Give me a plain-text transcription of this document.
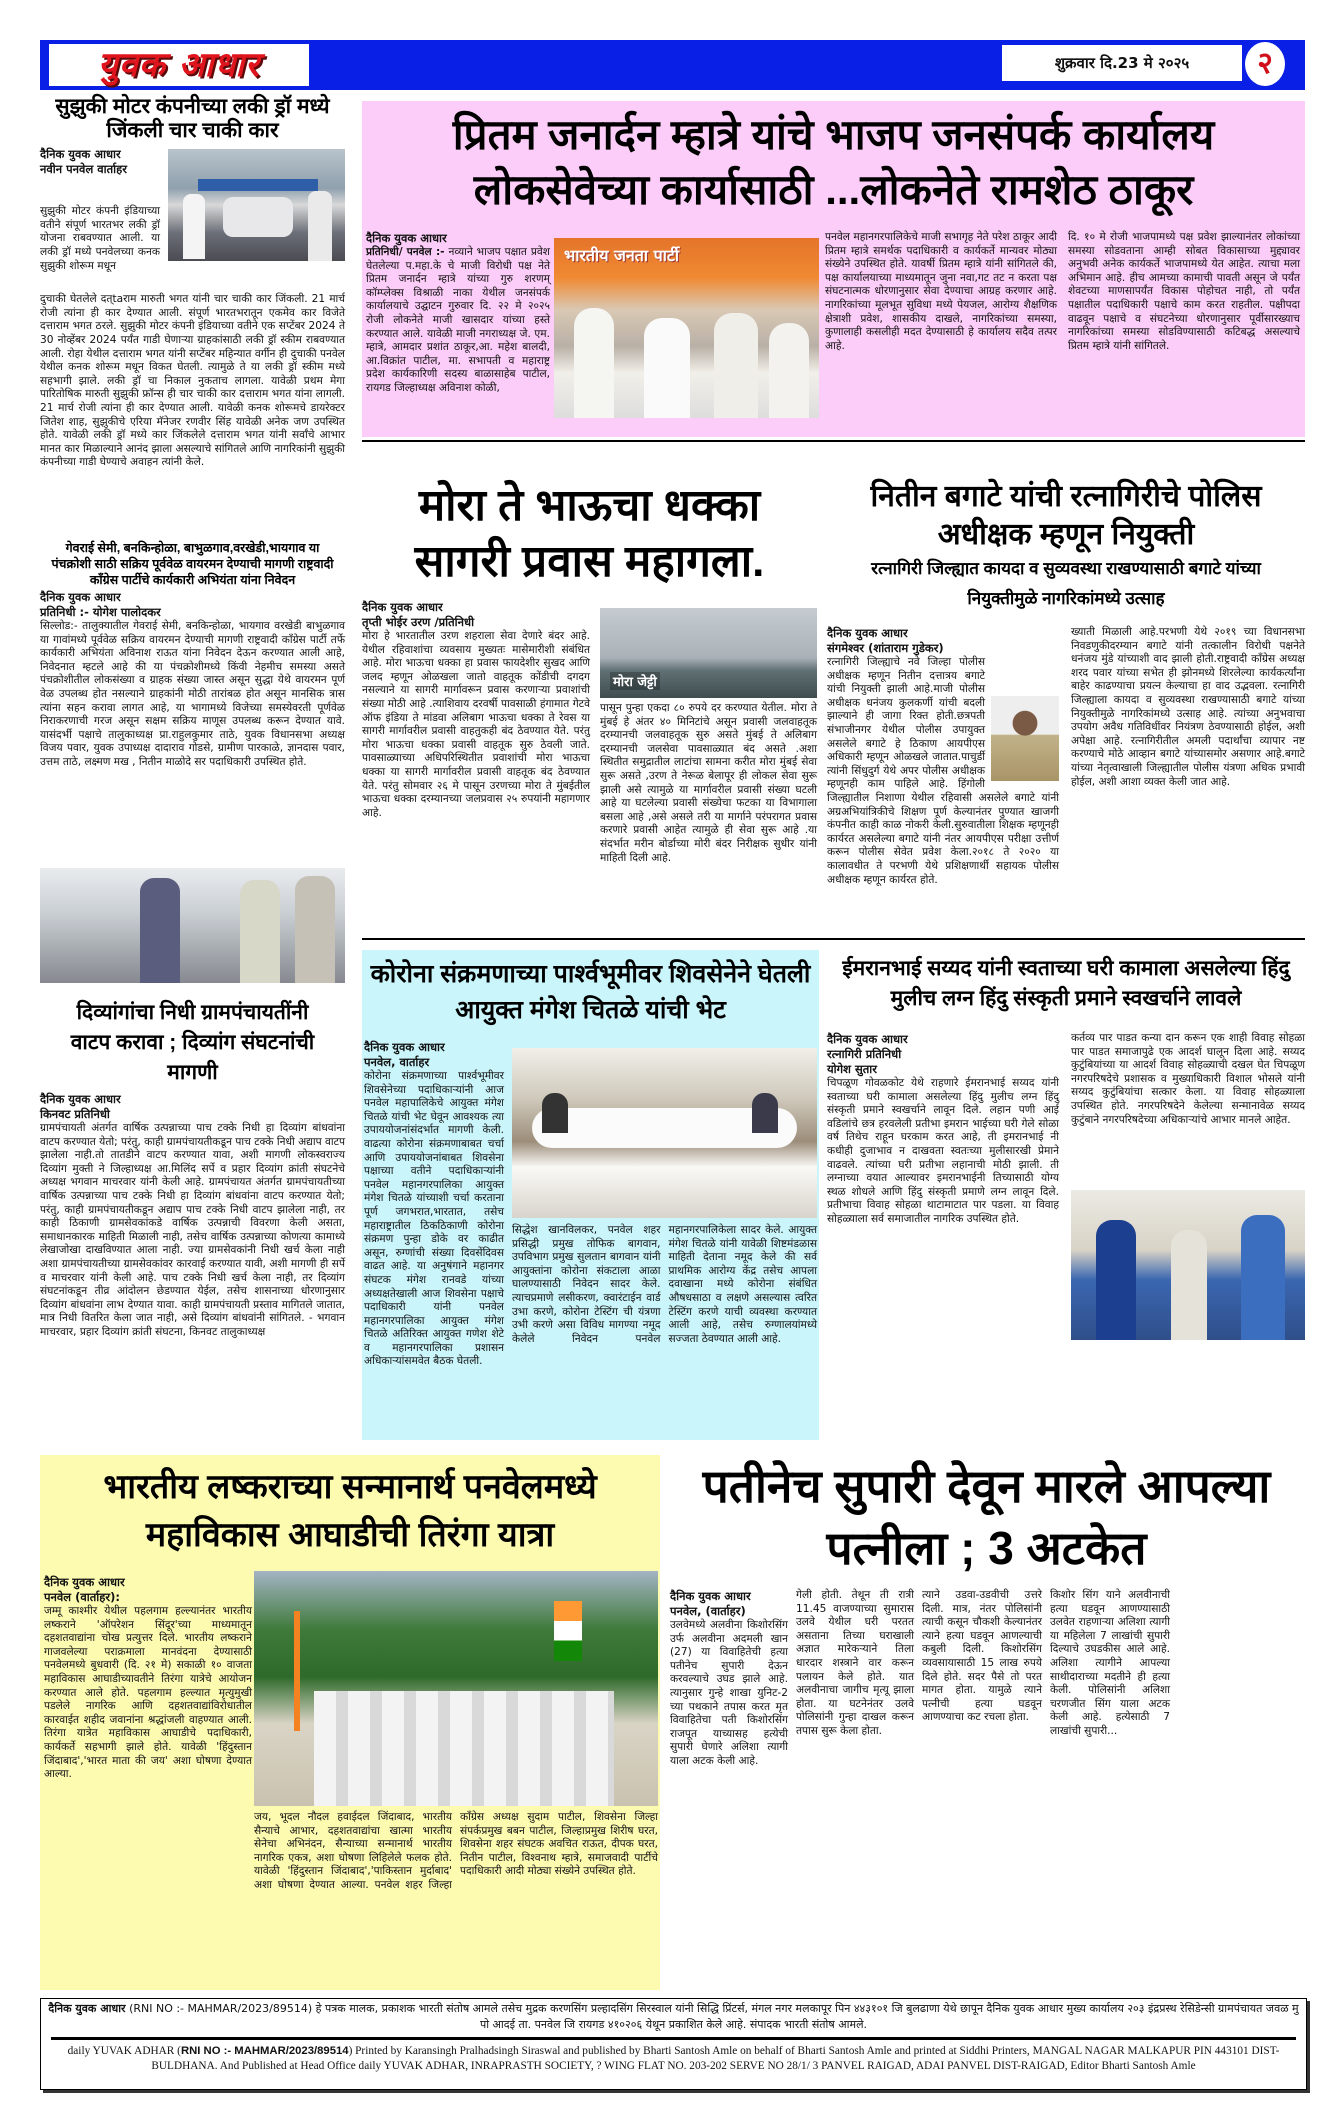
युवक आधार	शुक्रवार दि.23 मे २०२५	२
सुझुकी मोटर कंपनीच्या लकी ड्रॉ मध्ये जिंकली चार चाकी कार
दैनिक युवक आधार
नवीन पनवेल वार्ताहर
सुझुकी मोटर कंपनी इंडियाच्या वतीने संपूर्ण भारतभर लकी ड्रॉ योजना राबवण्यात आली. या लकी ड्रॉ मध्ये पनवेलच्या कनक सुझुकी शोरूम मधून
दुचाकी घेतलेले दत्taराम मारुती भगत यांनी चार चाकी कार जिंकली. 21 मार्च रोजी त्यांना ही कार देण्यात आली. संपूर्ण भारतभरातून एकमेव कार विजेते दत्ताराम भगत ठरले. सुझुकी मोटर कंपनी इंडियाच्या वतीने एक सप्टेंबर 2024 ते 30 नोव्हेंबर 2024 पर्यंत गाडी घेणाऱ्या ग्राहकांसाठी लकी ड्रॉ स्कीम राबवण्यात आली. रोहा येथील दत्ताराम भगत यांनी सप्टेंबर महिन्यात वर्गीन ही दुचाकी पनवेल येथील कनक शोरूम मधून विकत घेतली. त्यामुळे ते या लकी ड्रॉ स्कीम मध्ये सहभागी झाले. लकी ड्रॉ चा निकाल नुकताच लागला. यावेळी प्रथम मेगा पारितोषिक मारुती सुझुकी फ्रॉन्स ही चार चाकी कार दत्ताराम भगत यांना लागली. 21 मार्च रोजी त्यांना ही कार देण्यात आली. यावेळी कनक शोरूमचे डायरेक्टर जितेश शाह, सुझुकीचे एरिया मॅनेजर रणवीर सिंह यावेळी अनेक जण उपस्थित होते. यावेळी लकी ड्रॉ मध्ये कार जिंकलेले दत्ताराम भगत यांनी सर्वांचे आभार मानत कार मिळाल्याने आनंद झाला असल्याचे सांगितले आणि नागरिकांनी सुझुकी कंपनीच्या गाडी घेण्याचे अवाहन त्यांनी केले.
प्रितम जनार्दन म्हात्रे यांचे भाजप जनसंपर्क कार्यालय लोकसेवेच्या कार्यासाठी ...लोकनेते रामशेठ ठाकूर
दैनिक युवक आधार
प्रतिनिधी/ पनवेल :- नव्याने भाजप पक्षात प्रवेश घेतलेल्या प.महा.के चे माजी विरोधी पक्ष नेते प्रितम जनार्दन म्हात्रे यांच्या गुरु शरणम् कॉम्प्लेक्स विश्राळी नाका येथील जनसंपर्क कार्यालयाचे उद्घाटन गुरुवार दि. २२ मे २०२५ रोजी लोकनेते माजी खासदार यांच्या हस्ते करण्यात आले. यावेळी माजी नगराध्यक्ष जे. एम. म्हात्रे, आमदार प्रशांत ठाकूर,आ. महेश बालदी, आ.विक्रांत पाटील, मा. सभापती व महाराष्ट्र प्रदेश कार्यकारिणी सदस्य बाळासाहेब पाटील, रायगड जिल्हाध्यक्ष अविनाश कोळी,
भारतीय जनता पार्टी
पनवेल महानगरपालिकेचे माजी सभागृह नेते परेश ठाकूर आदी प्रितम म्हात्रे समर्थक पदाधिकारी व कार्यकर्ते मान्यवर मोठ्या संख्येने उपस्थित होते. यावर्षी प्रितम म्हात्रे यांनी सांगितले की, पक्ष कार्यालयाच्या माध्यमातून जुना नवा,गट तट न करता पक्ष संघटनात्मक धोरणानुसार सेवा देण्याचा आग्रह करणार आहे. नागरिकांच्या मूलभूत सुविधा मध्ये पेयजल, आरोग्य शैक्षणिक क्षेत्राशी प्रवेश, शासकीय दाखले, नागरिकांच्या समस्या, कुणालाही कसलीही मदत देण्यासाठी हे कार्यालय सदैव तत्पर आहे.
दि. १० मे रोजी भाजपामध्ये पक्ष प्रवेश झाल्यानंतर लोकांच्या समस्या सोडवताना आम्ही सोबत विकासाच्या मुद्द्यावर अनुभवी अनेक कार्यकर्ते भाजपामध्ये येत आहेत. त्याचा मला अभिमान आहे. हीच आमच्या कामाची पावती असून जे पर्यंत शेवटच्या माणसापर्यंत विकास पोहोचत नाही, तो पर्यंत पक्षातील पदाधिकारी पक्षाचे काम करत राहतील. पक्षीपदा वाढवून पक्षाचे व संघटनेच्या धोरणानुसार पूर्वीसारख्याच नागरिकांच्या समस्या सोडविण्यासाठी कटिबद्ध असल्याचे प्रितम म्हात्रे यांनी सांगितले.
गेवराई सेमी, बनकिन्होळा, बाभुळगाव,वरखेडी,भायगाव या पंचक्रोशी साठी सक्रिय पूर्ववेळ वायरमन देण्याची मागणी राष्ट्रवादी कॉंग्रेस पार्टीचे कार्यकारी अभियंता यांना निवेदन
दैनिक युवक आधार
प्रतिनिधी :- योगेश पालोदकर
सिल्लोड:- तालुक्यातील गेवराई सेमी, बनकिन्होळा, भायगाव वरखेडी बाभुळगाव या गावांमध्ये पूर्ववेळ सक्रिय वायरमन देण्याची मागणी राष्ट्रवादी कॉंग्रेस पार्टी तर्फे कार्यकारी अभियंता अविनाश राऊत यांना निवेदन देऊन करण्यात आली आहे, निवेदनात म्हटले आहे की या पंचक्रोशीमध्ये किंवी नेहमीच समस्या असते पंचक्रोशीतील लोकसंख्या व ग्राहक संख्या जास्त असून सुद्धा येथे वायरमन पूर्ण वेळ उपलब्ध होत नसल्याने ग्राहकांनी मोठी तारांबळ होत असून मानसिक त्रास त्यांना सहन करावा लागत आहे, या भागामध्ये विजेच्या समस्येवरती पूर्णवेळ निराकरणाची गरज असून सक्षम सक्रिय माणूस उपलब्ध करून देण्यात यावे. यासंदर्भी पक्षाचे तालुकाध्यक्ष प्रा.राहुलकुमार ताठे, युवक विधानसभा अध्यक्ष विजय पवार, युवक उपाध्यक्ष दादाराव गोडसे, ग्रामीण पारकाळे, ज्ञानदास पवार, उत्तम ताठे, लक्ष्मण मख , नितीन माळोदे सर पदाधिकारी उपस्थित होते.
दिव्यांगांचा निधी ग्रामपंचायतींनी वाटप करावा ; दिव्यांग संघटनांची मागणी
दैनिक युवक आधार
किनवट प्रतिनिधी
ग्रामपंचायती अंतर्गत वार्षिक उत्पन्नाच्या पाच टक्के निधी हा दिव्यांग बांधवांना वाटप करण्यात येतो; परंतु, काही ग्रामपंचायतीकडून पाच टक्के निधी अद्याप वाटप झालेला नाही.तो तातडीने वाटप करण्यात यावा, अशी मागणी लोकस्वराज्य दिव्यांग मुक्ती ने जिल्हाध्यक्ष आ.मिलिंद सर्पे व प्रहार दिव्यांग क्रांती संघटनेचे अध्यक्ष भगवान माचरवार यांनी केली आहे. ग्रामपंचायत अंतर्गत ग्रामपंचायतीच्या वार्षिक उत्पन्नाच्या पाच टक्के निधी हा दिव्यांग बांधवांना वाटप करण्यात येतो; परंतु, काही ग्रामपंचायतीकडून अद्याप पाच टक्के निधी वाटप झालेला नाही, तर काही ठिकाणी ग्रामसेवकांकडे वार्षिक उत्पन्नाची विवरणा केली असता, समाधानकारक माहिती मिळाली नाही, तसेच वार्षिक उत्पन्नाच्या कोणत्या कामाध्ये लेखाजोखा दाखविण्यात आला नाही. ज्या ग्रामसेवकांनी निधी खर्च केला नाही अशा ग्रामपंचायतीच्या ग्रामसेवकांवर कारवाई करण्यात यावी, अशी मागणी ही सर्पे व माचरवार यांनी केली आहे. पाच टक्के निधी खर्च केला नाही, तर दिव्यांग संघटनांकडून तीव्र आंदोलन छेडण्यात येईल, तसेच शासनाच्या धोरणानुसार दिव्यांग बांधवांना लाभ देण्यात यावा. काही ग्रामपंचायती प्रस्ताव मागितले जातात, मात्र निधी वितरित केला जात नाही, असे दिव्यांग बांधवांनी सांगितले. - भगवान माचरवार, प्रहार दिव्यांग क्रांती संघटना, किनवट तालुकाध्यक्ष
मोरा ते भाऊचा धक्का सागरी प्रवास महागला.
दैनिक युवक आधार
तृप्ती भोईर उरण /प्रतिनिधी
मोरा हे भारतातील उरण शहराला सेवा देणारे बंदर आहे. येथील रहिवाशांचा व्यवसाय मुख्यतः मासेमारीशी संबंधित आहे. मोरा भाऊचा धक्का हा प्रवास फायदेशीर सुखद आणि जलद म्हणून ओळखला जातो वाहतूक कोंडीची दगदग नसल्याने या सागरी मार्गावरून प्रवास करणाऱ्या प्रवाशांची संख्या मोठी आहे .त्याशिवाय दरवर्षी पावसाळी हंगामात गेटवे ऑफ इंडिया ते मांडवा अलिबाग भाऊचा धक्का ते रेवस या सागरी मार्गावरील प्रवासी वाहतुकही बंद ठेवण्यात येते. परंतु मोरा भाऊचा धक्का प्रवासी वाहतूक सुरु ठेवली जाते. पावसाळ्याच्या अधिपरिस्थितीत प्रवाशांची मोरा भाऊचा धक्का या सागरी मार्गावरील प्रवासी वाहतूक बंद ठेवण्यात येते. परंतु सोमवार २६ मे पासून उरणच्या मोरा ते मुंबईतील भाऊचा धक्का दरम्यानच्या जलप्रवास २५ रुपयांनी महागणार आहे.
मोरा जेट्टी
पासून पुन्हा एकदा ८० रुपये दर करण्यात येतील. मोरा ते मुंबई हे अंतर ४० मिनिटांचे असून प्रवासी जलवाहतूक दरम्यानची जलवाहतूक सुरु असते मुंबई ते अलिबाग दरम्यानची जलसेवा पावसाळ्यात बंद असते .अशा स्थितीत समुद्रातील लाटांचा सामना करीत मोरा मुंबई सेवा सुरू असते ,उरण ते नेरूळ बेलापूर ही लोकल सेवा सुरू झाली असे त्यामुळे या मार्गावरील प्रवासी संख्या घटली आहे या घटलेल्या प्रवासी संख्येचा फटका या विभागाला बसला आहे ,असे असले तरी या मार्गाने परंपरागत प्रवास करणारे प्रवासी आहेत त्यामुळे ही सेवा सुरू आहे .या संदर्भात मरीन बोर्डाच्या मोरी बंदर निरीक्षक सुधीर यांनी माहिती दिली आहे.
नितीन बगाटे यांची रत्नागिरीचे पोलिस अधीक्षक म्हणून नियुक्ती
रत्नागिरी जिल्ह्यात कायदा व सुव्यवस्था राखण्यासाठी बगाटे यांच्या नियुक्तीमुळे नागरिकांमध्ये उत्साह
दैनिक युवक आधार
संगमेश्वर (शांताराम गुडेकर)
रत्नागिरी जिल्ह्याचे नवे जिल्हा पोलीस अधीक्षक म्हणून नितीन दत्तात्रय बगाटे यांची नियुक्ती झाली आहे.माजी पोलीस अधीक्षक धनंजय कुलकर्णी यांची बदली झाल्याने ही जागा रिक्त होती.छत्रपती संभाजीनगर येथील पोलीस उपायुक्त असलेले बगाटे हे ठिकाण आयपीएस अधिकारी म्हणून ओळखले जातात.पाचुर्डी त्यांनी सिंधुदुर्ग येथे अपर पोलीस अधीक्षक म्हणूनही काम पाहिले आहे. हिंगोली जिल्ह्यातील निशाणा येथील रहिवासी असलेले बगाटे यांनी अग्रअभियांत्रिकीचे शिक्षण पूर्ण केल्यानंतर पुण्यात खाजगी कंपनीत काही काळ नोकरी केली.सुरुवातीला शिक्षक म्हणूनही कार्यरत असलेल्या बगाटे यांनी नंतर आयपीएस परीक्षा उत्तीर्ण करून पोलीस सेवेत प्रवेश केला.२०१८ ते २०२० या कालावधीत ते परभणी येथे प्रशिक्षणार्थी सहायक पोलीस अधीक्षक म्हणून कार्यरत होते.
ख्याती मिळाली आहे.परभणी येथे २०१९ च्या विधानसभा निवडणुकीदरम्यान बगाटे यांनी तत्कालीन विरोधी पक्षनेते धनंजय मुंडे यांच्याशी वाद झाली होती.राष्ट्रवादी काँग्रेस अध्यक्ष शरद पवार यांच्या सभेत ही झोनमध्ये शिरलेल्या कार्यकर्त्यांना बाहेर काढण्याचा प्रयत्न केल्याचा हा वाद उद्भवला. रत्नागिरी जिल्ह्याला कायदा व सुव्यवस्था राखण्यासाठी बगाटे यांच्या नियुक्तीमुळे नागरिकांमध्ये उत्साह आहे. त्यांच्या अनुभवाचा उपयोग अवैध गतिविधींवर नियंत्रण ठेवण्यासाठी होईल, अशी अपेक्षा आहे. रत्नागिरीतील अमली पदार्थांचा व्यापार नष्ट करण्याचे मोठे आव्हान बगाटे यांच्यासमोर असणार आहे.बगाटे यांच्या नेतृत्वाखाली जिल्ह्यातील पोलीस यंत्रणा अधिक प्रभावी होईल, अशी आशा व्यक्त केली जात आहे.
कोरोना संक्रमणाच्या पार्श्वभूमीवर शिवसेनेने घेतली आयुक्त मंगेश चितळे यांची भेट
दैनिक युवक आधार
पनवेल, वार्ताहर
कोरोना संक्रमणाच्या पार्श्वभूमीवर शिवसेनेच्या पदाधिकाऱ्यांनी आज पनवेल महापालिकेचे आयुक्त मंगेश चितळे यांची भेट घेवून आवश्यक त्या उपाययोजनांसंदर्भात मागणी केली. वाढत्या कोरोना संक्रमणाबाबत चर्चा आणि उपाययोजनांबाबत शिवसेना पक्षाच्या वतीने पदाधिकाऱ्यांनी पनवेल महानगरपालिका आयुक्त मंगेश चितळे यांच्याशी चर्चा करताना पूर्ण जगभरात,भारतात, तसेच महाराष्ट्रातील ठिकठिकाणी कोरोना संक्रमण पुन्हा डोके वर काढीत असून, रुग्णांची संख्या दिवसेंदिवस वाढत आहे. या अनुषंगाने महानगर संघटक मंगेश रानवडे यांच्या अध्यक्षतेखाली आज शिवसेना पक्षाचे पदाधिकारी यांनी पनवेल महानगरपालिका आयुक्त मंगेश चितळे अतिरिक्त आयुक्त गणेश शेटे व महानगरपालिका प्रशासन अधिकाऱ्यांसमवेत बैठक घेतली.
सिद्धेश खानविलकर, पनवेल शहर प्रसिद्धी प्रमुख तोफिक बागवान, उपविभाग प्रमुख सुलतान बागवान यांनी आयुक्तांना कोरोना संकटाला आळा घालण्यासाठी निवेदन सादर केले. त्याचप्रमाणे लसीकरण, क्वारंटाईन वार्ड उभा करणे, कोरोना टेस्टिंग ची यंत्रणा उभी करणे असा विविध मागण्या नमूद केलेले निवेदन पनवेल महानगरपालिकेला सादर केले. आयुक्त मंगेश चितळे यांनी यावेळी शिष्टमंडळास माहिती देताना नमूद केले की सर्व प्राथमिक आरोग्य केंद्र तसेच आपला दवाखाना मध्ये कोरोना संबंधित औषधसाठा व लक्षणे असल्यास त्वरित टेस्टिंग करणे याची व्यवस्था करण्यात आली आहे, तसेच रुग्णालयांमध्ये सज्जता ठेवण्यात आली आहे.
ईमरानभाई सय्यद यांनी स्वताच्या घरी कामाला असलेल्या हिंदु मुलीच लग्न हिंदु संस्कृती प्रमाने स्वखर्चाने लावले
दैनिक युवक आधार
रत्नागिरी प्रतिनिधी
योगेश सुतार
चिपळूण गोवळकोट येथे राहणारे ईमरानभाई सय्यद यांनी स्वताच्या घरी कामाला असलेल्या हिंदु मुलीच लग्न हिंदु संस्कृती प्रमाने स्वखर्चाने लावून दिले. लहान पणी आई वडिलांचे छत्र हरवलेली प्रतीभा इमरान भाईच्या घरी गेले सोळा वर्ष तिथेच राहून घरकाम करत आहे, ती इमरानभाई नी कधीही दुजाभाव न दाखवता स्वतःच्या मुलीसारखी प्रेमाने वाढवले. त्यांच्या घरी प्रतीभा लहानाची मोठी झाली. ती लग्नाच्या वयात आल्यावर इमरानभाईनी तिच्यासाठी योग्य स्थळ शोधले आणि हिंदु संस्कृती प्रमाणे लग्न लावून दिले. प्रतीभाचा विवाह सोहळा थाटामाटात पार पडला. या विवाह सोहळ्याला सर्व समाजातील नागरिक उपस्थित होते.
कर्तव्य पार पाडत कन्या दान करून एक शाही विवाह सोहळा पार पाडत समाजापुढे एक आदर्श घालून दिला आहे. सय्यद कुटुंबियांच्या या आदर्श विवाह सोहळ्याची दखल घेत चिपळूण नगरपरिषदेचे प्रशासक व मुख्याधिकारी विशाल भोसले यांनी सय्यद कुटुंबियांचा सत्कार केला. या विवाह सोहळ्याला उपस्थित होते. नगरपरिषदेने केलेल्या सन्मानावेळ सय्यद कुटुंबाने नगरपरिषदेच्या अधिकाऱ्यांचे आभार मानले आहेत.
भारतीय लष्कराच्या सन्मानार्थ पनवेलमध्ये महाविकास आघाडीची तिरंगा यात्रा
दैनिक युवक आधार
पनवेल (वार्ताहर):
जम्मू काश्मीर येथील पहलगाम हल्ल्यानंतर भारतीय लष्कराने 'ऑपरेशन सिंदूर'च्या माध्यमातून दहशतवाद्यांना चोख प्रत्युत्तर दिले. भारतीय लष्कराने गाजवलेल्या पराक्रमाला मानवंदना देण्यासाठी पनवेलमध्ये बुधवारी (दि. २१ मे) सकाळी १० वाजता महाविकास आघाडीच्यावतीने तिरंगा यात्रेचे आयोजन करण्यात आले होते. पहलगाम हल्ल्यात मृत्युमुखी पडलेले नागरिक आणि दहशतवाद्यांविरोधातील कारवाईत शहीद जवानांना श्रद्धांजली वाहण्यात आली. तिरंगा यात्रेत महाविकास आघाडीचे पदाधिकारी, कार्यकर्ते सहभागी झाले होते. यावेळी 'हिंदुस्तान जिंदाबाद','भारत माता की जय' अशा घोषणा देण्यात आल्या.
जय, भूदल नौदल हवाईदल जिंदाबाद, भारतीय सैन्याचे आभार, दहशतवाद्यांचा खात्मा भारतीय सेनेचा अभिनंदन, सैन्याच्या सन्मानार्थ भारतीय नागरिक एकत्र, अशा घोषणा लिहिलेले फलक होते. यावेळी 'हिंदुस्तान जिंदाबाद','पाकिस्तान मुर्दाबाद' अशा घोषणा देण्यात आल्या. पनवेल शहर जिल्हा काँग्रेस अध्यक्ष सुदाम पाटील, शिवसेना जिल्हा संपर्कप्रमुख बबन पाटील, जिल्हाप्रमुख शिरीष घरत, शिवसेना शहर संघटक अवचित राऊत, दीपक घरत, नितीन पाटील, विश्वनाथ म्हात्रे, समाजवादी पार्टीचे पदाधिकारी आदी मोठ्या संख्येने उपस्थित होते.
पतीनेच सुपारी देवून मारले आपल्या पत्नीला ; 3 अटकेत
दैनिक युवक आधार
पनवेल, (वार्ताहर)
उलवेमध्ये अलवीना किशोरसिंग उर्फ अलवीना अदमली खान (27) या विवाहितेची हत्या पतीनेच सुपारी देऊन करवल्याचे उघड झाले आहे. त्यानुसार गुन्हे शाखा युनिट-2 च्या पथकाने तपास करत मृत विवाहितेचा पती किशोरसिंग राजपूत याच्यासह हत्येची सुपारी घेणारे अलिशा त्यागी याला अटक केली आहे.
गेली होती. तेथून ती रात्री 11.45 वाजण्याच्या सुमारास उलवे येथील घरी परतत असताना तिच्या घराखाली अज्ञात मारेकऱ्याने तिला धारदार शस्त्राने वार करून पलायन केले होते. यात अलवीनाचा जागीच मृत्यू झाला होता. या घटनेनंतर उलवे पोलिसांनी गुन्हा दाखल करून तपास सुरू केला होता.
त्याने उडवा-उडवीची उत्तरे दिली. मात्र, नंतर पोलिसांनी त्याची कसून चौकशी केल्यानंतर त्याने हत्या घडवून आणल्याची कबुली दिली. किशोरसिंग व्यवसायासाठी 15 लाख रुपये दिले होते. सदर पैसे तो परत मागत होता. यामुळे त्याने पत्नीची हत्या घडवून आणण्याचा कट रचला होता.
किशोर सिंग याने अलवीनाची हत्या घडवून आणण्यासाठी उलवेत राहणाऱ्या अलिशा त्यागी या महिलेला 7 लाखांची सुपारी दिल्याचे उघडकीस आले आहे. अलिशा त्यागीने आपल्या साथीदाराच्या मदतीने ही हत्या केली. पोलिसांनी अलिशा चरणजीत सिंग याला अटक केली आहे. हत्येसाठी 7 लाखांची सुपारी...
दैनिक युवक आधार (RNI NO :- MAHMAR/2023/89514) हे पत्रक मालक, प्रकाशक भारती संतोष आमले तसेच मुद्रक करणसिंग प्रल्हादसिंग सिरस्वाल यांनी सिद्धि प्रिंटर्स, मंगल नगर मलकापूर पिन ४४३१०१ जि बुलढाणा येथे छापून दैनिक युवक आधार मुख्य कार्यालय २०३ इंद्रप्रस्थ रेसिडेन्सी ग्रामपंचायत जवळ मु पो आदई ता. पनवेल जि रायगड ४१०२०६ येथून प्रकाशित केले आहे. संपादक भारती संतोष आमले.
daily YUVAK ADHAR (RNI NO :- MAHMAR/2023/89514) Printed by Karansingh Pralhadsingh Siraswal and published by Bharti Santosh Amle on behalf of Bharti Santosh Amle and printed at Siddhi Printers, MANGAL NAGAR MALKAPUR PIN 443101 DIST- BULDHANA. And Published at Head Office daily YUVAK ADHAR, INRAPRASTH SOCIETY, ? WING FLAT NO. 203-202 SERVE NO 28/1/ 3 PANVEL RAIGAD, ADAI PANVEL DIST-RAIGAD, Editor Bharti Santosh Amle
